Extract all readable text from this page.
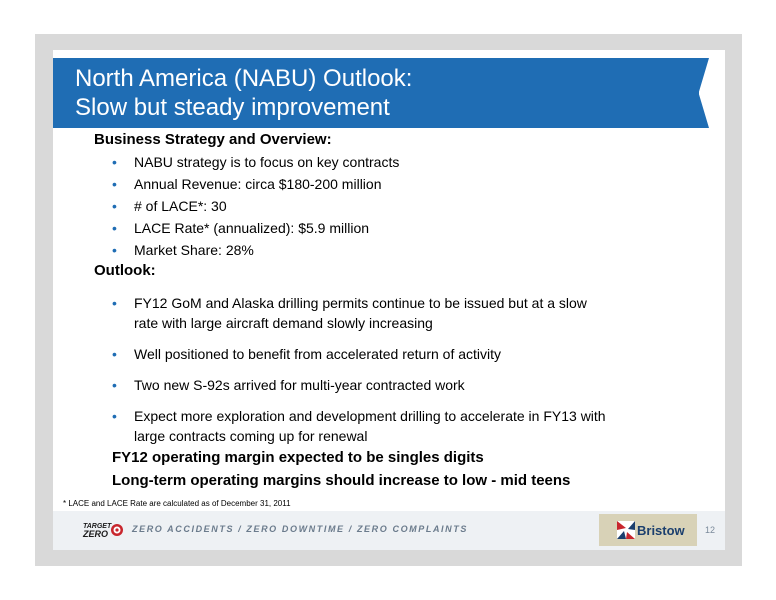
North America (NABU) Outlook:
Slow but steady improvement
Business Strategy and Overview:
• NABU strategy is to focus on key contracts
• Annual Revenue: circa $180-200 million
• # of LACE*: 30
• LACE Rate* (annualized): $5.9 million
• Market Share: 28%
Outlook:
• FY12 GoM and Alaska drilling permits continue to be issued but at a slow
rate with large aircraft demand slowly increasing
• Well positioned to benefit from accelerated return of activity
• Two new S-92s arrived for multi-year contracted work
• Expect more exploration and development drilling to accelerate in FY13 with
large contracts coming up for renewal
FY12 operating margin expected to be singles digits
Long-term operating margins should increase to low - mid teens
* LACE and LACE Rate are calculated as of December 31, 2011
TARGET
ZERO	ZERO ACCIDENTS / ZERO DOWNTIME / ZERO COMPLAINTS	Bristow 12
